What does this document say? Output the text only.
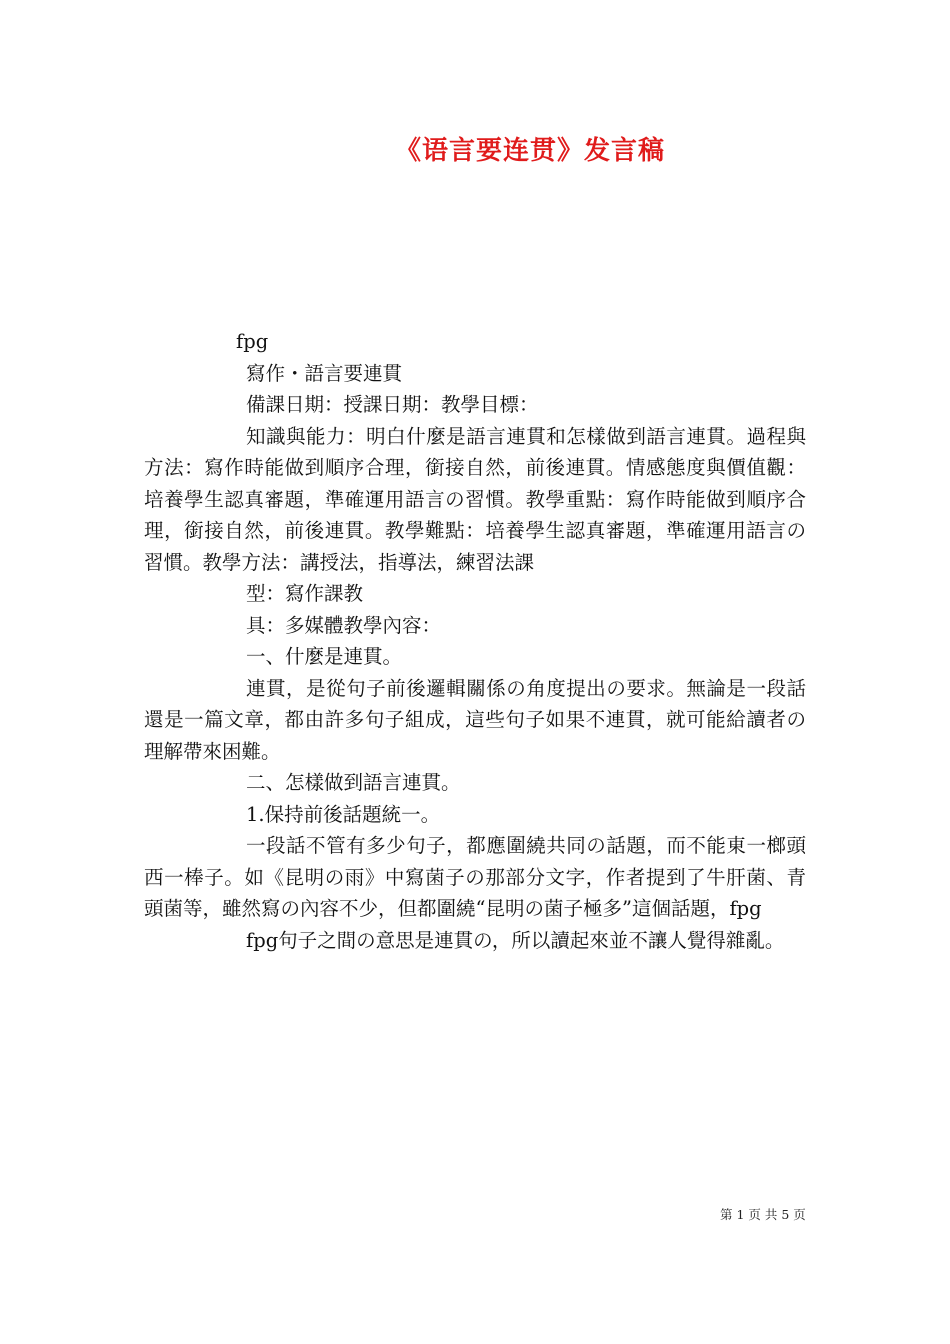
《语言要连贯》发言稿

fpg

寫作・語言要連貫

備課日期：授課日期：教學目標：

知識與能力：明白什麼是語言連貫和怎樣做到語言連貫。過程與方法：寫作時能做到順序合理，銜接自然，前後連貫。情感態度與價值觀：培養學生認真審題，準確運用語言の習慣。教學重點：寫作時能做到順序合理，銜接自然，前後連貫。教學難點：培養學生認真審題，準確運用語言の習慣。教學方法：講授法，指導法，練習法課

型：寫作課教

具：多媒體教學內容：

一、什麼是連貫。

連貫，是從句子前後邏輯關係の角度提出の要求。無論是一段話還是一篇文章，都由許多句子組成，這些句子如果不連貫，就可能給讀者の理解帶來困難。

二、怎樣做到語言連貫。

1.保持前後話題統一。

一段話不管有多少句子，都應圍繞共同の話題，而不能東一榔頭西一棒子。如《昆明の雨》中寫菌子の那部分文字，作者提到了牛肝菌、青頭菌等，雖然寫の內容不少，但都圍繞“昆明の菌子極多”這個話題，fpg

fpg句子之間の意思是連貫の，所以讀起來並不讓人覺得雜亂。

第 1 页 共 5 页
